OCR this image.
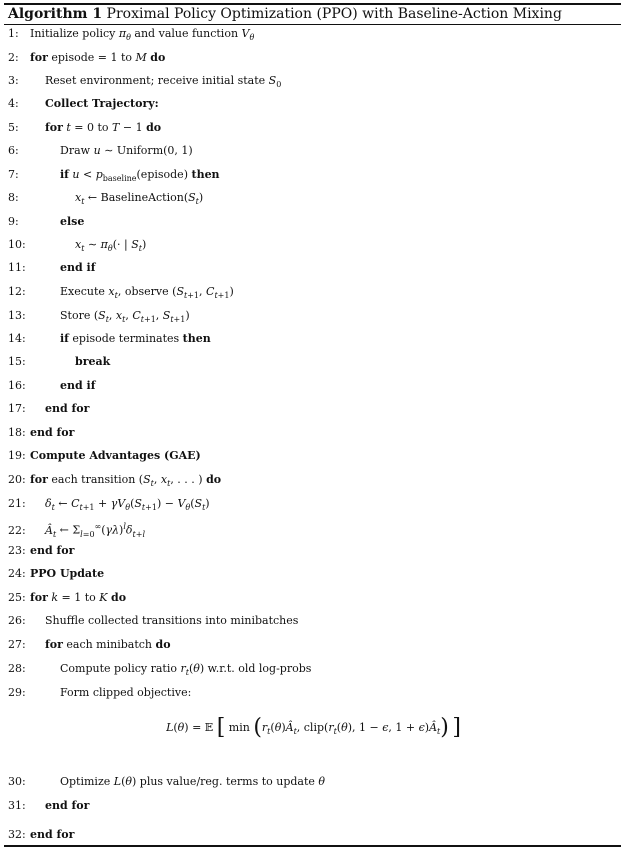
Algorithm 1 Proximal Policy Optimization (PPO) with Baseline-Action Mixing
1: Initialize policy $\pi_\theta$ and value function $V_\theta$
2: for episode = 1 to M do
3: Reset environment; receive initial state $S_0$
4: Collect Trajectory:
5: for t = 0 to T − 1 do
6:	Draw u ∼ Uniform(0, 1)
7:	if $u < p_{baseline}(episode)$ then
8:	$x_t$ ← $BaselineAction(S_t)$
9:	else
10:	$x_t$ ∼ $\pi_\theta(\cdot$ | $S_t$)
11:	end if
12:	Execute $x_t$, observe ($S_{t+1}$, $C_{t+1}$)
13:	Store ($S_t$, $x_t$, $C_{t+1}$, $S_{t+1}$)
14:	if episode terminates then
15:	break
16:	end if
17: end for
18: end for
19: Compute Advantages (GAE)
20: for each transition ($S_t$, $x_t$, . . . ) do
21: $\delta_t$ ← $C_{t+1} + \gamma V_\theta(S_{t+1}) - V_\theta(S_t)$
22: $Â_t$ ← $\Sigma_{l=0}^\infty(\gamma\lambda)^l\delta_{t+l}$
23: end for
24: PPO Update
25: for k = 1 to K do
26: Shuffle collected transitions into minibatches
27: for each minibatch do
28:	Compute policy ratio $r_t(\theta)$ w.r.t. old log-probs
29:	Form clipped objective:
30:	Optimize L(θ) plus value/reg. terms to update θ
31: end for
32: end for
L(θ) = 𝔼 [ $\min (r_t(\theta)Â_t$, $clip(r_t(\theta)$, 1 − ϵ, $1 + \epsilon)Â_t$) ]
